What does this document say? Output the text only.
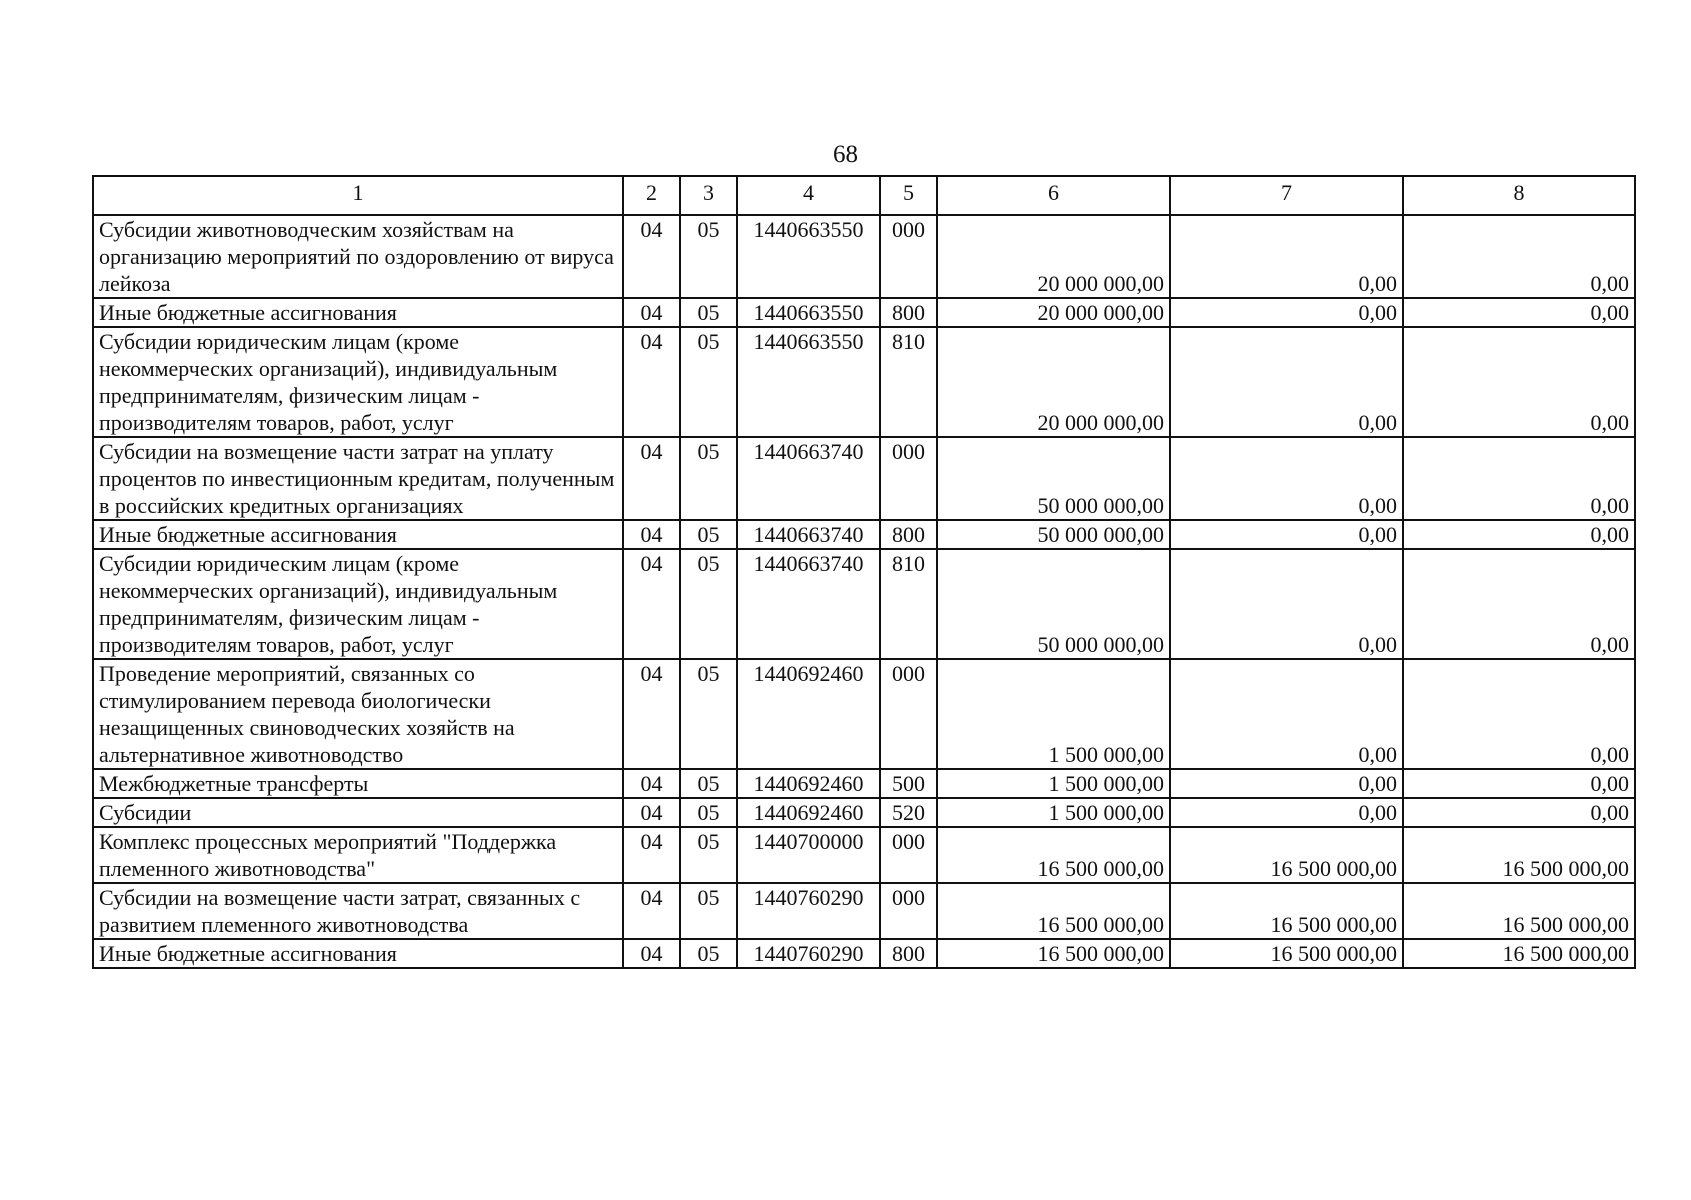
68
1	2	3	4	5	6	7	8
Субсидии животноводческим хозяйствам на организацию мероприятий по оздоровлению от вируса лейкоза	04	05	1440663550	000	20 000 000,00	0,00	0,00
Иные бюджетные ассигнования	04	05	1440663550	800	20 000 000,00	0,00	0,00
Субсидии юридическим лицам (кроме некоммерческих организаций), индивидуальным предпринимателям, физическим лицам - производителям товаров, работ, услуг	04	05	1440663550	810	20 000 000,00	0,00	0,00
Субсидии на возмещение части затрат на уплату процентов по инвестиционным кредитам, полученным в российских кредитных организациях	04	05	1440663740	000	50 000 000,00	0,00	0,00
Иные бюджетные ассигнования	04	05	1440663740	800	50 000 000,00	0,00	0,00
Субсидии юридическим лицам (кроме некоммерческих организаций), индивидуальным предпринимателям, физическим лицам - производителям товаров, работ, услуг	04	05	1440663740	810	50 000 000,00	0,00	0,00
Проведение мероприятий, связанных со стимулированием перевода биологически незащищенных свиноводческих хозяйств на альтернативное животноводство	04	05	1440692460	000	1 500 000,00	0,00	0,00
Межбюджетные трансферты	04	05	1440692460	500	1 500 000,00	0,00	0,00
Субсидии	04	05	1440692460	520	1 500 000,00	0,00	0,00
Комплекс процессных мероприятий "Поддержка племенного животноводства"	04	05	1440700000	000	16 500 000,00	16 500 000,00	16 500 000,00
Субсидии на возмещение части затрат, связанных с развитием племенного животноводства	04	05	1440760290	000	16 500 000,00	16 500 000,00	16 500 000,00
Иные бюджетные ассигнования	04	05	1440760290	800	16 500 000,00	16 500 000,00	16 500 000,00
